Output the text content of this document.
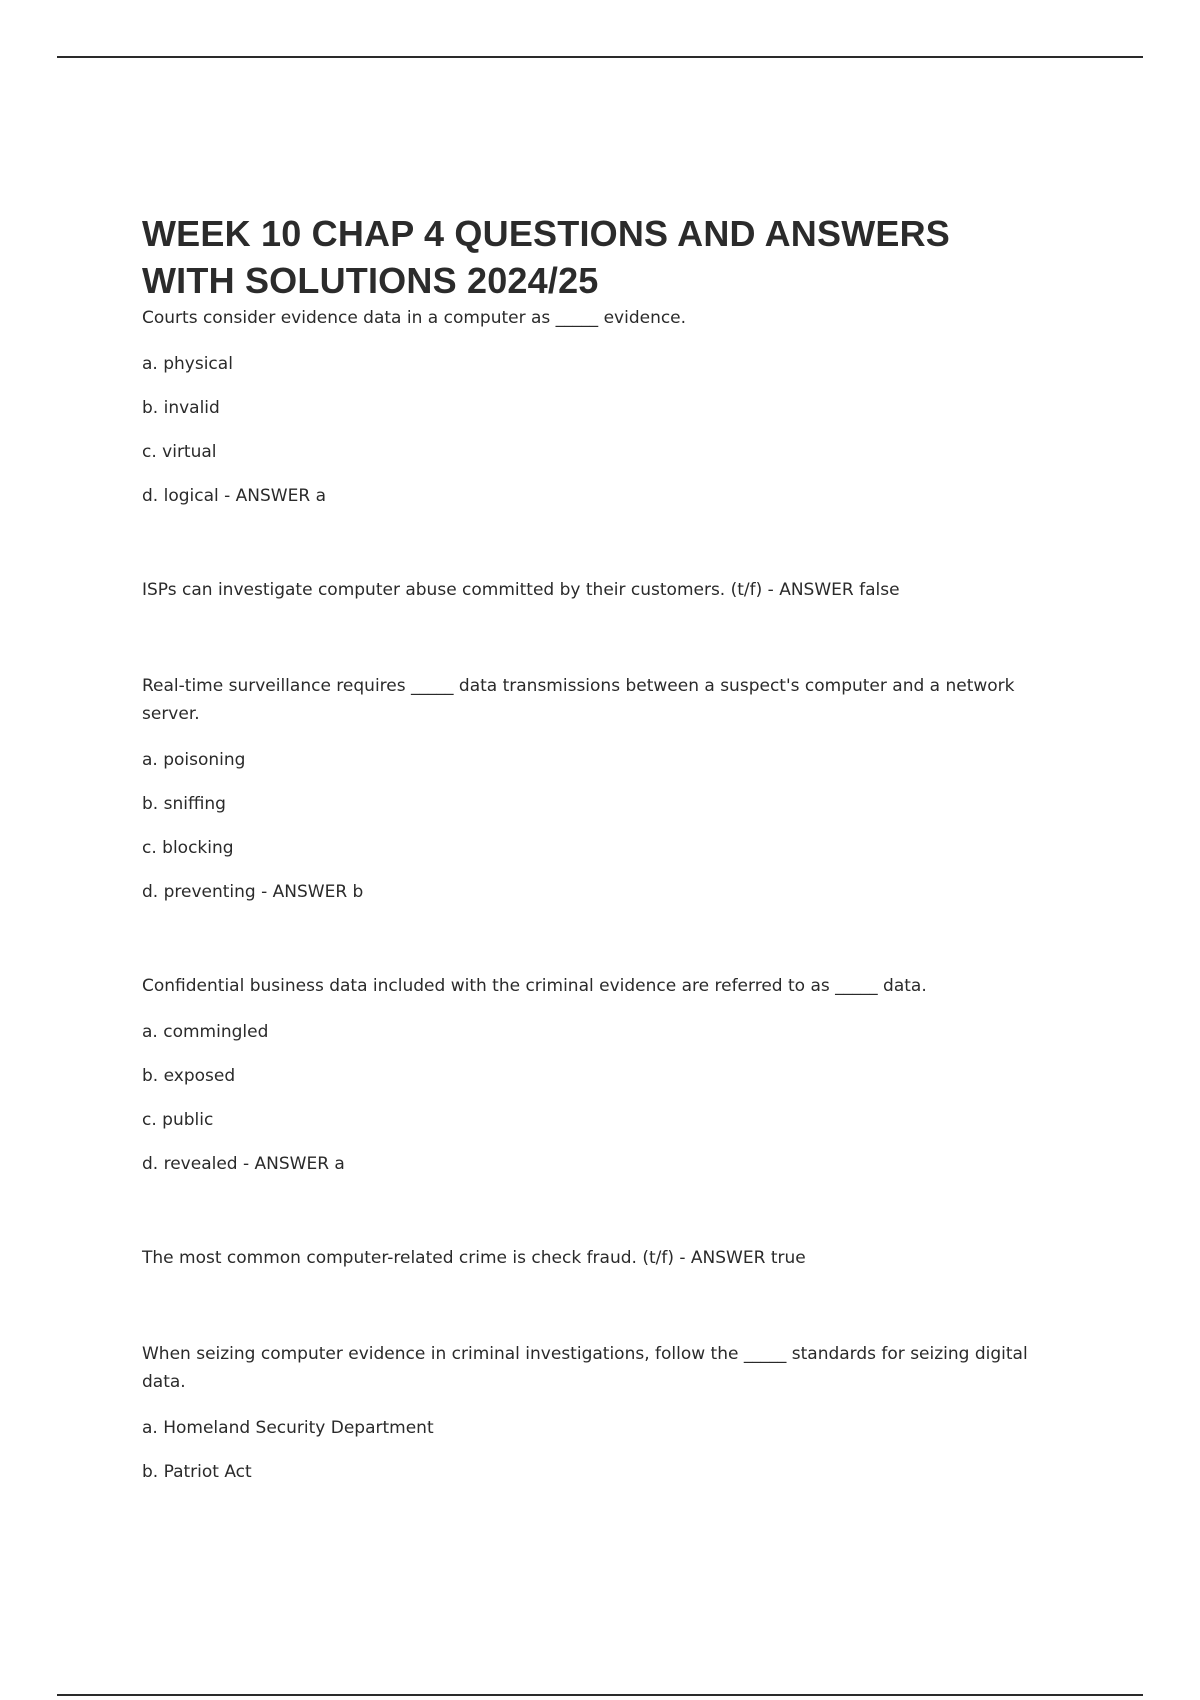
WEEK 10 CHAP 4 QUESTIONS AND ANSWERS
WITH SOLUTIONS 2024/25

Courts consider evidence data in a computer as _____ evidence.

a. physical

b. invalid

c. virtual

d. logical - ANSWER a

ISPs can investigate computer abuse committed by their customers. (t/f) - ANSWER false

Real-time surveillance requires _____ data transmissions between a suspect's computer and a network server.

a. poisoning

b. sniffing

c. blocking

d. preventing - ANSWER b

Confidential business data included with the criminal evidence are referred to as _____ data.

a. commingled

b. exposed

c. public

d. revealed - ANSWER a

The most common computer-related crime is check fraud. (t/f) - ANSWER true

When seizing computer evidence in criminal investigations, follow the _____ standards for seizing digital data.

a. Homeland Security Department

b. Patriot Act
